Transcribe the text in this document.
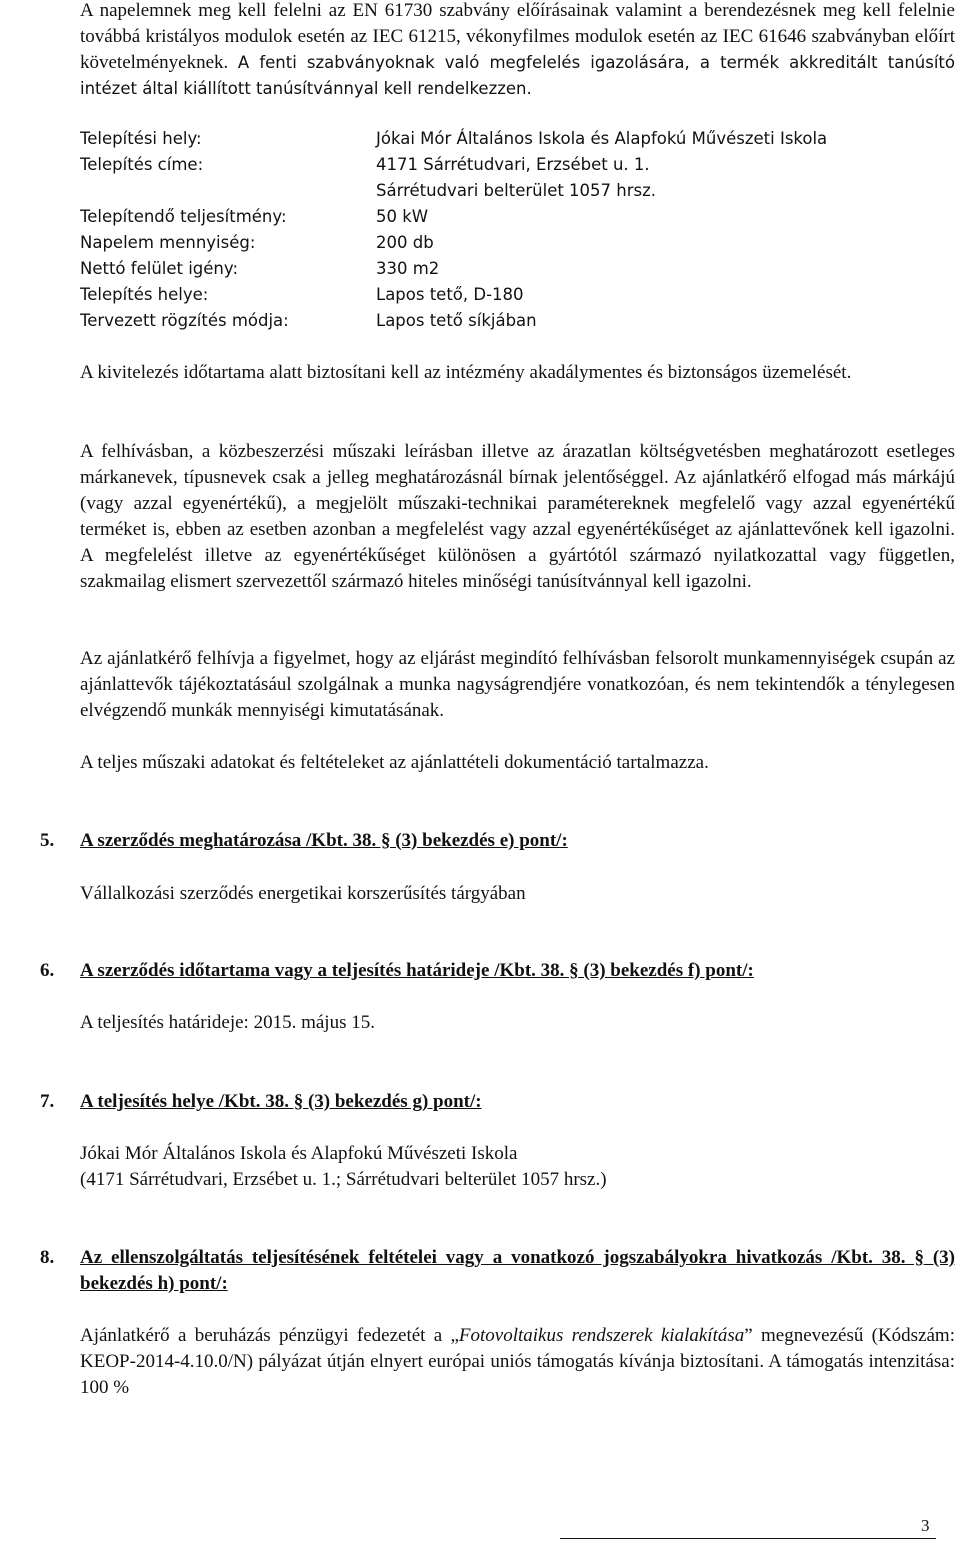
A napelemnek meg kell felelni az EN 61730 szabvány előírásainak valamint a berendezésnek meg kell felelnie továbbá kristályos modulok esetén az IEC 61215, vékonyfilmes modulok esetén az IEC 61646 szabványban előírt követelményeknek. A fenti szabványoknak való megfelelés igazolására, a termék akkreditált tanúsító intézet által kiállított tanúsítvánnyal kell rendelkezzen.

Telepítési hely:	Jókai Mór Általános Iskola és Alapfokú Művészeti Iskola
Telepítés címe:	4171 Sárrétudvari, Erzsébet u. 1.
Sárrétudvari belterület 1057 hrsz.
Telepítendő teljesítmény:	50 kW
Napelem mennyiség:	200 db
Nettó felület igény:	330 m2
Telepítés helye:	Lapos tető, D-180
Tervezett rögzítés módja:	Lapos tető síkjában

A kivitelezés időtartama alatt biztosítani kell az intézmény akadálymentes és biztonságos üzemelését.

A felhívásban, a közbeszerzési műszaki leírásban illetve az árazatlan költségvetésben meghatározott esetleges márkanevek, típusnevek csak a jelleg meghatározásnál bírnak jelentőséggel. Az ajánlatkérő elfogad más márkájú (vagy azzal egyenértékű), a megjelölt műszaki-technikai paramétereknek megfelelő vagy azzal egyenértékű terméket is, ebben az esetben azonban a megfelelést vagy azzal egyenértékűséget az ajánlattevőnek kell igazolni. A megfelelést illetve az egyenértékűséget különösen a gyártótól származó nyilatkozattal vagy független, szakmailag elismert szervezettől származó hiteles minőségi tanúsítvánnyal kell igazolni.

Az ajánlatkérő felhívja a figyelmet, hogy az eljárást megindító felhívásban felsorolt munkamennyiségek csupán az ajánlattevők tájékoztatásául szolgálnak a munka nagyságrendjére vonatkozóan, és nem tekintendők a ténylegesen elvégzendő munkák mennyiségi kimutatásának.

A teljes műszaki adatokat és feltételeket az ajánlattételi dokumentáció tartalmazza.

5. A szerződés meghatározása /Kbt. 38. § (3) bekezdés e) pont/:

Vállalkozási szerződés energetikai korszerűsítés tárgyában

6. A szerződés időtartama vagy a teljesítés határideje /Kbt. 38. § (3) bekezdés f) pont/:

A teljesítés határideje: 2015. május 15.

7. A teljesítés helye /Kbt. 38. § (3) bekezdés g) pont/:
Jókai Mór Általános Iskola és Alapfokú Művészeti Iskola
(4171 Sárrétudvari, Erzsébet u. 1.; Sárrétudvari belterület 1057 hrsz.)
8. Az ellenszolgáltatás teljesítésének feltételei vagy a vonatkozó jogszabályokra hivatkozás /Kbt. 38. § (3) bekezdés h) pont/:

Ajánlatkérő a beruházás pénzügyi fedezetét a „Fotovoltaikus rendszerek kialakítása” megnevezésű (Kódszám: KEOP-2014-4.10.0/N) pályázat útján elnyert európai uniós támogatás kívánja biztosítani. A támogatás intenzitása: 100 %

3
